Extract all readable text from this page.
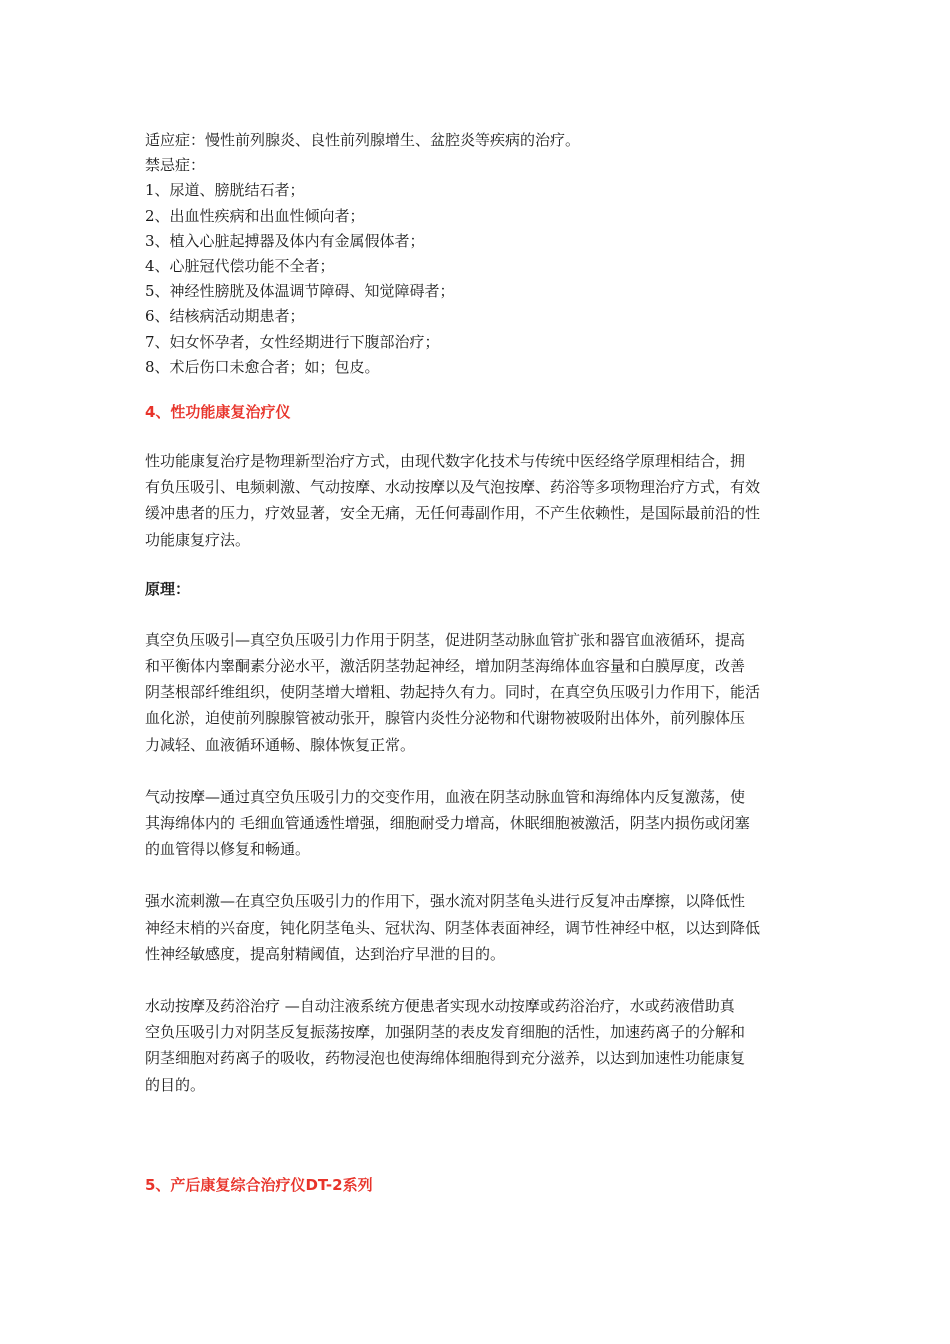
适应症：慢性前列腺炎、良性前列腺增生、盆腔炎等疾病的治疗。
禁忌症：
1、尿道、膀胱结石者；
2、出血性疾病和出血性倾向者；
3、植入心脏起搏器及体内有金属假体者；
4、心脏冠代偿功能不全者；
5、神经性膀胱及体温调节障碍、知觉障碍者；
6、结核病活动期患者；
7、妇女怀孕者，女性经期进行下腹部治疗；
8、术后伤口未愈合者；如；包皮。
4、性功能康复治疗仪
性功能康复治疗是物理新型治疗方式，由现代数字化技术与传统中医经络学原理相结合，拥
有负压吸引、电频刺激、气动按摩、水动按摩以及气泡按摩、药浴等多项物理治疗方式，有效
缓冲患者的压力，疗效显著，安全无痛，无任何毒副作用，不产生依赖性，是国际最前沿的性
功能康复疗法。
原理：
真空负压吸引—真空负压吸引力作用于阴茎，促进阴茎动脉血管扩张和器官血液循环，提高
和平衡体内睾酮素分泌水平，激活阴茎勃起神经，增加阴茎海绵体血容量和白膜厚度，改善
阴茎根部纤维组织，使阴茎增大增粗、勃起持久有力。同时，在真空负压吸引力作用下，能活
血化淤，迫使前列腺腺管被动张开，腺管内炎性分泌物和代谢物被吸附出体外，前列腺体压
力减轻、血液循环通畅、腺体恢复正常。
气动按摩—通过真空负压吸引力的交变作用，血液在阴茎动脉血管和海绵体内反复激荡，使
其海绵体内的 毛细血管通透性增强，细胞耐受力增高，休眠细胞被激活，阴茎内损伤或闭塞
的血管得以修复和畅通。
强水流刺激—在真空负压吸引力的作用下，强水流对阴茎龟头进行反复冲击摩擦，以降低性
神经末梢的兴奋度，钝化阴茎龟头、冠状沟、阴茎体表面神经，调节性神经中枢，以达到降低
性神经敏感度，提高射精阈值，达到治疗早泄的目的。
水动按摩及药浴治疗 —自动注液系统方便患者实现水动按摩或药浴治疗，水或药液借助真
空负压吸引力对阴茎反复振荡按摩，加强阴茎的表皮发育细胞的活性，加速药离子的分解和
阴茎细胞对药离子的吸收，药物浸泡也使海绵体细胞得到充分滋养，以达到加速性功能康复
的目的。
5、产后康复综合治疗仪DT-2系列
